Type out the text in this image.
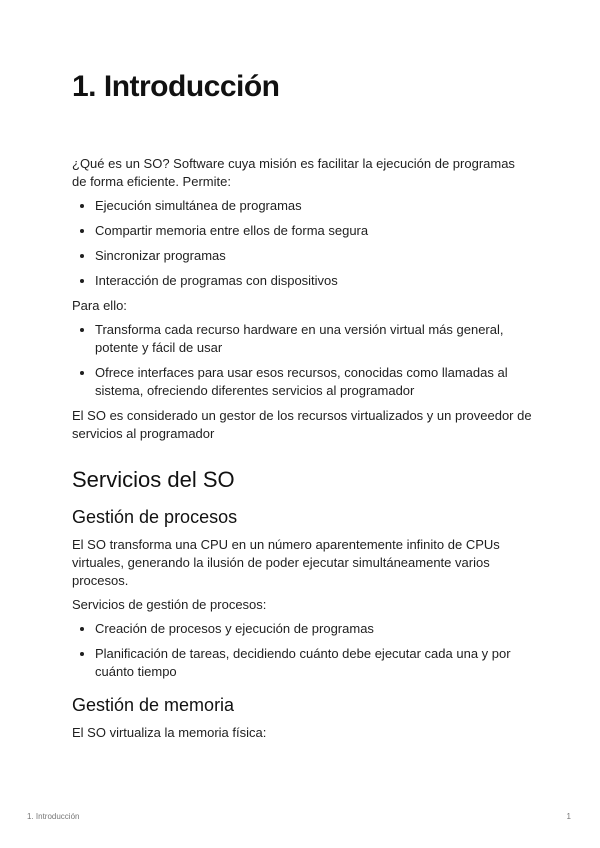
1. Introducción

¿Qué es un SO? Software cuya misión es facilitar la ejecución de programas de forma eficiente. Permite:

• Ejecución simultánea de programas
• Compartir memoria entre ellos de forma segura
• Sincronizar programas
• Interacción de programas con dispositivos

Para ello:

• Transforma cada recurso hardware en una versión virtual más general, potente y fácil de usar
• Ofrece interfaces para usar esos recursos, conocidas como llamadas al sistema, ofreciendo diferentes servicios al programador

El SO es considerado un gestor de los recursos virtualizados y un proveedor de servicios al programador

Servicios del SO
Gestión de procesos

El SO transforma una CPU en un número aparentemente infinito de CPUs virtuales, generando la ilusión de poder ejecutar simultáneamente varios procesos.

Servicios de gestión de procesos:

• Creación de procesos y ejecución de programas
• Planificación de tareas, decidiendo cuánto debe ejecutar cada una y por cuánto tiempo
Gestión de memoria

El SO virtualiza la memoria física:

1. Introducción	1
